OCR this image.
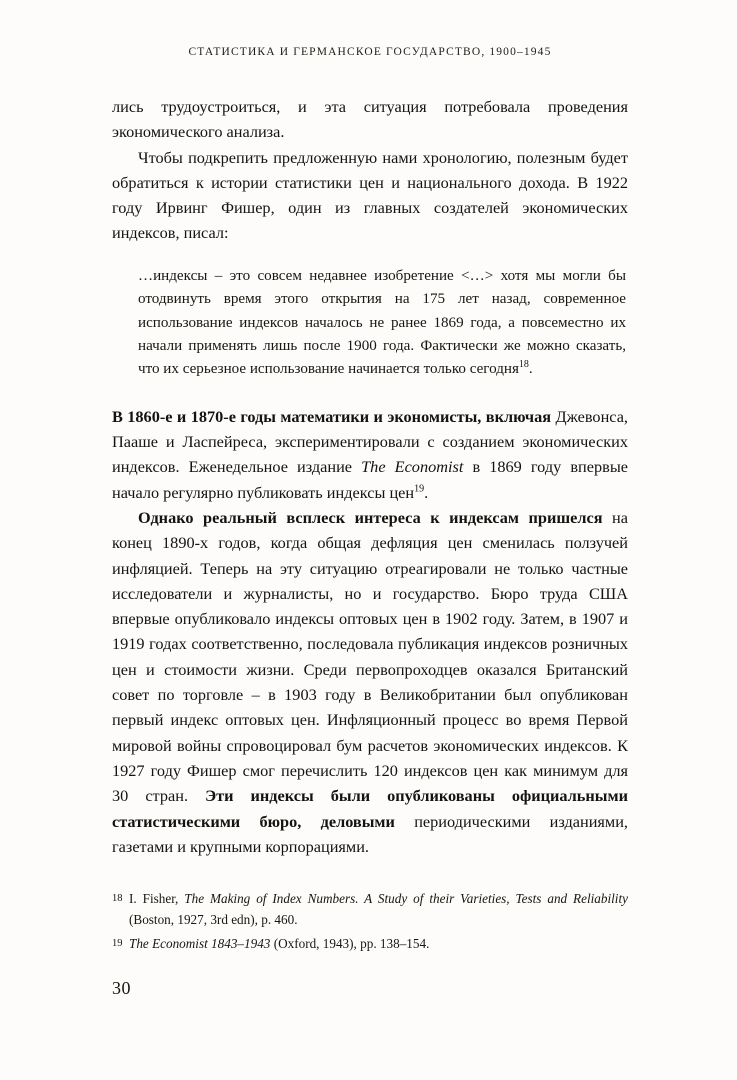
СТАТИСТИКА И ГЕРМАНСКОЕ ГОСУДАРСТВО, 1900–1945

лись трудоустроиться, и эта ситуация потребовала проведения экономического анализа.

Чтобы подкрепить предложенную нами хронологию, полезным будет обратиться к истории статистики цен и национального дохода. В 1922 году Ирвинг Фишер, один из главных создателей экономических индексов, писал:

…индексы – это совсем недавнее изобретение <…> хотя мы могли бы отодвинуть время этого открытия на 175 лет назад, современное использование индексов началось не ранее 1869 года, а повсеместно их начали применять лишь после 1900 года. Фактически же можно сказать, что их серьезное использование начинается только сегодня$^{18}$.

В 1860-е и 1870-е годы математики и экономисты, включая Джевонса, Пааше и Ласпейреса, экспериментировали с созданием экономических индексов. Еженедельное издание The Economist в 1869 году впервые начало регулярно публиковать индексы цен$^{19}$.

Однако реальный всплеск интереса к индексам пришелся на конец 1890-х годов, когда общая дефляция цен сменилась ползучей инфляцией. Теперь на эту ситуацию отреагировали не только частные исследователи и журналисты, но и государство. Бюро труда США впервые опубликовало индексы оптовых цен в 1902 году. Затем, в 1907 и 1919 годах соответственно, последовала публикация индексов розничных цен и стоимости жизни. Среди первопроходцев оказался Британский совет по торговле – в 1903 году в Великобритании был опубликован первый индекс оптовых цен. Инфляционный процесс во время Первой мировой войны спровоцировал бум расчетов экономических индексов. К 1927 году Фишер смог перечислить 120 индексов цен как минимум для 30 стран. Эти индексы были опубликованы официальными статистическими бюро, деловыми периодическими изданиями, газетами и крупными корпорациями.

18 I. Fisher, The Making of Index Numbers. A Study of their Varieties, Tests and Reliability (Boston, 1927, 3rd edn), p. 460.
19 The Economist 1843–1943 (Oxford, 1943), pp. 138–154.
30
